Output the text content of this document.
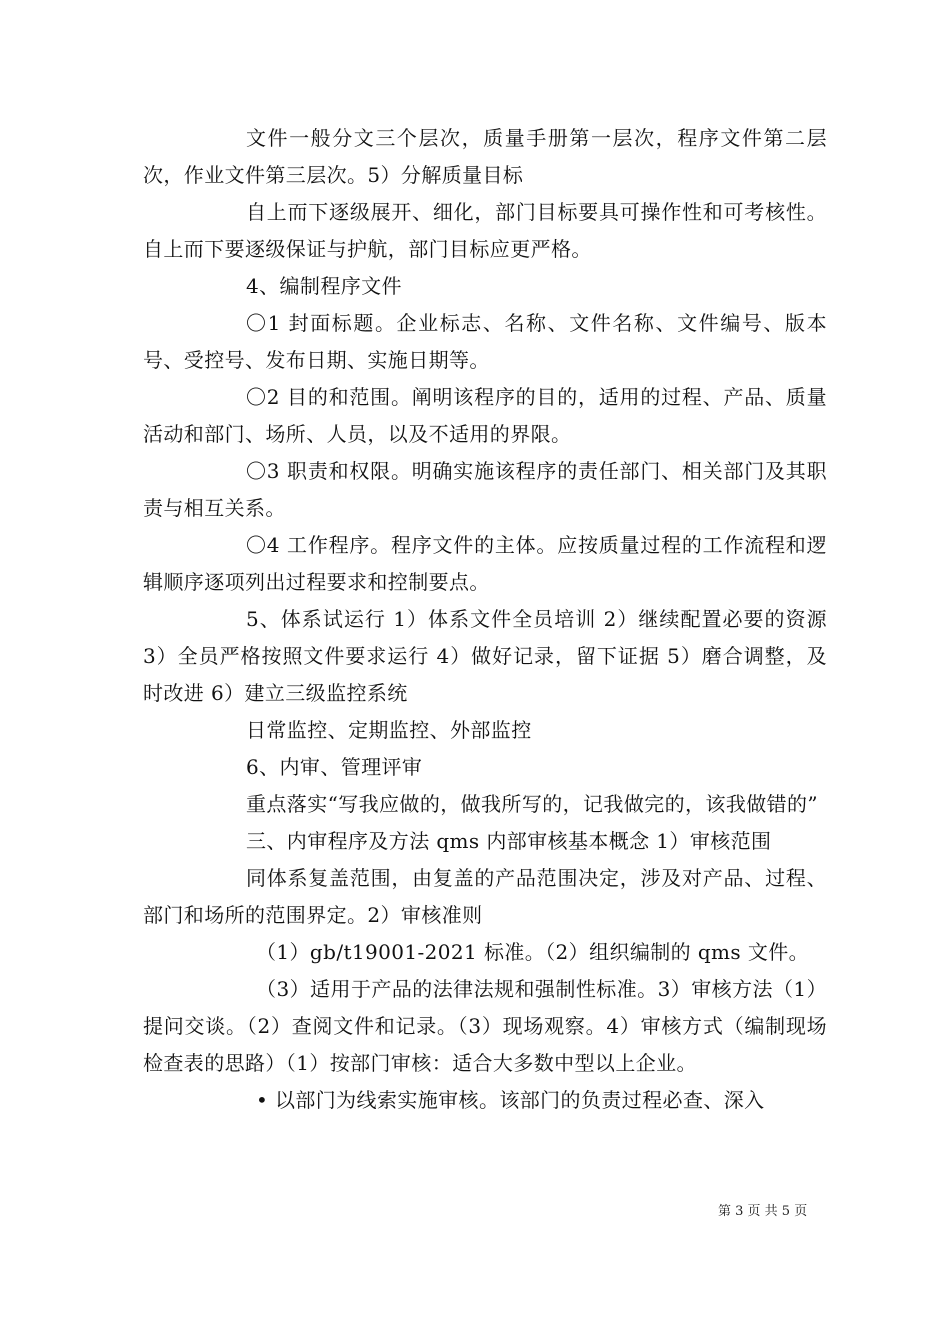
文件一般分文三个层次，质量手册第一层次，程序文件第二层次，作业文件第三层次。5）分解质量目标

自上而下逐级展开、细化，部门目标要具可操作性和可考核性。自上而下要逐级保证与护航，部门目标应更严格。

4、编制程序文件

〇1 封面标题。企业标志、名称、文件名称、文件编号、版本号、受控号、发布日期、实施日期等。

〇2 目的和范围。阐明该程序的目的，适用的过程、产品、质量活动和部门、场所、人员，以及不适用的界限。

〇3 职责和权限。明确实施该程序的责任部门、相关部门及其职责与相互关系。

〇4 工作程序。程序文件的主体。应按质量过程的工作流程和逻辑顺序逐项列出过程要求和控制要点。

5、体系试运行 1）体系文件全员培训 2）继续配置必要的资源 3）全员严格按照文件要求运行 4）做好记录，留下证据 5）磨合调整，及时改进 6）建立三级监控系统

日常监控、定期监控、外部监控

6、内审、管理评审

重点落实“写我应做的，做我所写的，记我做完的，该我做错的”

三、内审程序及方法 qms 内部审核基本概念 1）审核范围

同体系复盖范围，由复盖的产品范围决定，涉及对产品、过程、部门和场所的范围界定。2）审核准则

（1）gb/t19001-2021 标准。（2）组织编制的 qms 文件。

（3）适用于产品的法律法规和强制性标准。3）审核方法（1）提问交谈。（2）查阅文件和记录。（3）现场观察。4）审核方式（编制现场检查表的思路）（1）按部门审核：适合大多数中型以上企业。

• 以部门为线索实施审核。该部门的负责过程必查、深入

第 3 页 共 5 页
